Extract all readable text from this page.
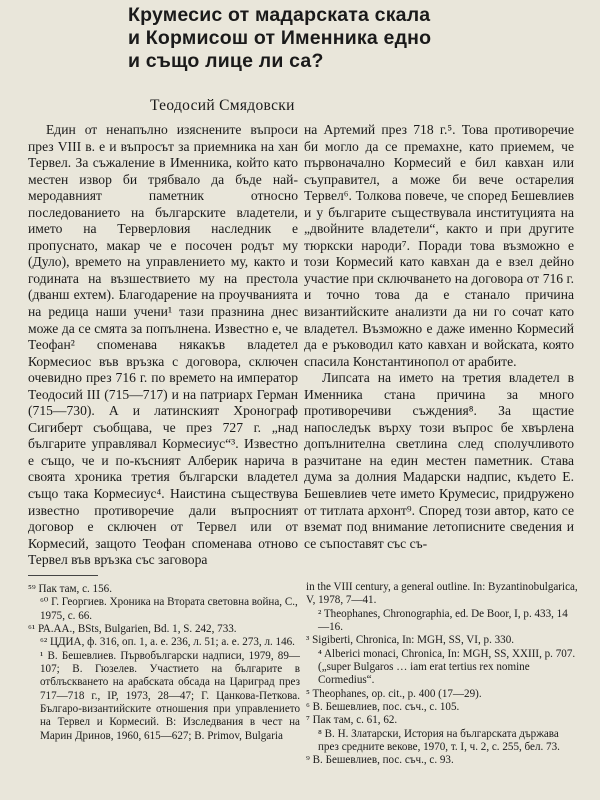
Крумесис от мадарската скала
и Кормисош от Именника едно
и също лице ли са?
Теодосий Смядовски

Един от ненапълно изяснените въпроси през VIII в. е и въпросът за приемника на хан Тервел. За съжаление в Именника, който като местен извор би трябвало да бъде най-меродавният паметник относно последованието на българските владетели, името на Терверловия наследник е пропуснато, макар че е посочен родът му (Дуло), времето на управлението му, както и годината на възшествието му на престола (дванш ехтем). Благодарение на проучванията на редица наши учени¹ тази празнина днес може да се смята за попълнена. Известно е, че Теофан² споменава някакъв владетел Кормесиос във връзка с договора, сключен очевидно през 716 г. по времето на император Теодосий III (715—717) и на патриарх Герман (715—730). А и латинският Хронограф Сигиберт съобщава, че през 727 г. „над българите управлявал Кормесиус“³. Известно е също, че и по-късният Алберик нарича в своята хроника третия български владетел също така Кормесиус⁴. Наистина съществува известно противоречие дали въпросният договор е сключен от Тервел или от Кормесий, защото Теофан споменава отново Тервел във връзка със заговора

на Артемий през 718 г.⁵. Това противоречие би могло да се премахне, като приемем, че първоначално Кормесий е бил кавхан или съуправител, а може би вече остарелия Тервел⁶. Толкова повече, че според Бешевлиев и у българите съществувала институцията на „двойните владетели“, както и при другите тюркски народи⁷. Поради това възможно е този Кормесий като кавхан да е взел дейно участие при сключването на договора от 716 г. и точно това да е станало причина византийските анализти да ни го сочат като владетел. Възможно е даже именно Кормесий да е ръководил като кавхан и войската, която спасила Константинопол от арабите.

Липсата на името на третия владетел в Именника стана причина за много противоречиви съждения⁸. За щастие напоследък върху този въпрос бе хвърлена допълнителна светлина след сполучливото разчитане на един местен паметник. Става дума за долния Мадарски надпис, където Е. Бешевлиев чете името Крумесис, придружено от титлата архонт⁹. Според този автор, като се вземат под внимание летописните сведения и се съпоставят със съ-

⁵⁹ Пак там, с. 156.
⁶⁰ Г. Георгиев. Хроника на Втората световна война, С., 1975, с. 66.
⁶¹ РА.АА., BSts, Bulgarien, Bd. 1, S. 242, 733.
⁶² ЦДИА, ф. 316, оп. 1, а. е. 236, л. 51; а. е. 273, л. 146.
¹ В. Бешевлиев. Първобългарски надписи, 1979, 89—107; В. Гюзелев. Участието на българите в отблъскването на арабската обсада на Цариград през 717—718 г., IP, 1973, 28—47; Г. Цанкова-Петкова. Българо-византийските отношения при управлението на Тервел и Кормесий. В: Изследвания в чест на Марин Дринов, 1960, 615—627; В. Primov, Bulgaria
in the VIII century, a general outline. In: Byzantinobulgarica, V, 1978, 7—41.
² Theophanes, Chronographia, ed. De Boor, I, p. 433, 14—16.
³ Sigiberti, Chronica, In: MGH, SS, VI, p. 330.
⁴ Alberici monaci, Chronica, In: MGH, SS, XXIII, p. 707. („super Bulgaros … iam erat tertius rex nomine Cormedius“.
⁵ Theophanes, op. cit., p. 400 (17—29).
⁶ В. Бешевлиев, пос. съч., с. 105.
⁷ Пак там, с. 61, 62.
⁸ В. Н. Златарски, История на българската държава през средните векове, 1970, т. I, ч. 2, с. 255, бел. 73.
⁹ В. Бешевлиев, пос. съч., с. 93.
